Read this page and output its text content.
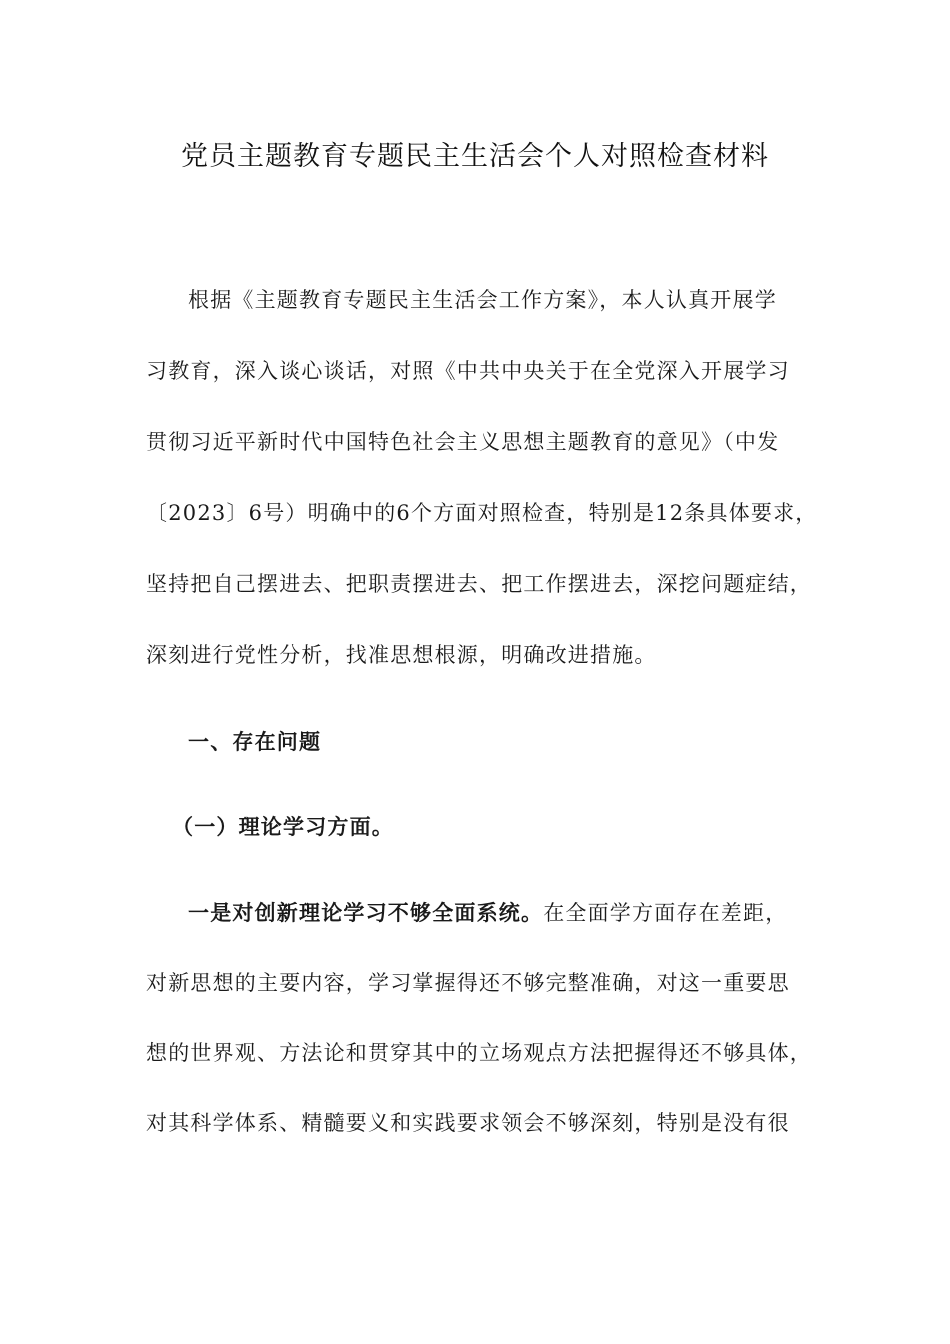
党员主题教育专题民主生活会个人对照检查材料
根据《主题教育专题民主生活会工作方案》，本人认真开展学
习教育，深入谈心谈话，对照《中共中央关于在全党深入开展学习
贯彻习近平新时代中国特色社会主义思想主题教育的意见》（中发
〔2023〕6号）明确中的6个方面对照检查，特别是12条具体要求，
坚持把自己摆进去、把职责摆进去、把工作摆进去，深挖问题症结，
深刻进行党性分析，找准思想根源，明确改进措施。
一、存在问题
（一）理论学习方面。
一是对创新理论学习不够全面系统。在全面学方面存在差距，
对新思想的主要内容，学习掌握得还不够完整准确，对这一重要思
想的世界观、方法论和贯穿其中的立场观点方法把握得还不够具体，
对其科学体系、精髓要义和实践要求领会不够深刻，特别是没有很
